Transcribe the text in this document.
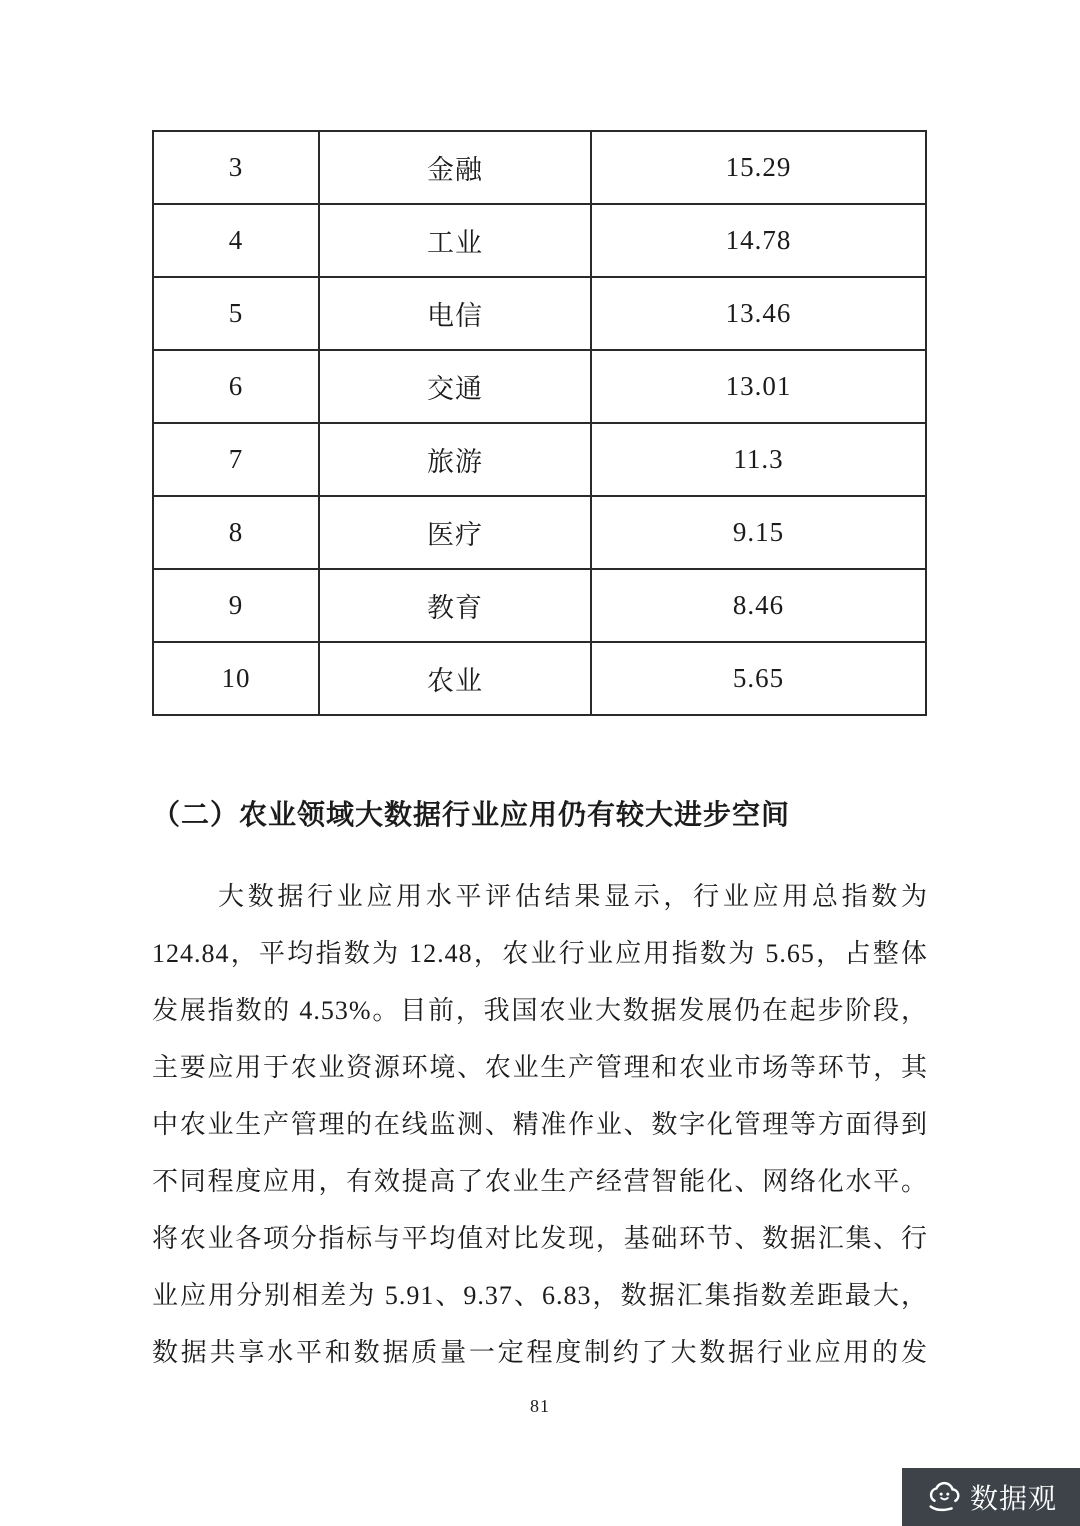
3	金融	15.29
4	工业	14.78
5	电信	13.46
6	交通	13.01
7	旅游	11.3
8	医疗	9.15
9	教育	8.46
10	农业	5.65
（二）农业领域大数据行业应用仍有较大进步空间
大数据行业应用水平评估结果显示，行业应用总指数为
124.84，平均指数为 12.48，农业行业应用指数为 5.65，占整体
发展指数的 4.53%。目前，我国农业大数据发展仍在起步阶段，
主要应用于农业资源环境、农业生产管理和农业市场等环节，其
中农业生产管理的在线监测、精准作业、数字化管理等方面得到
不同程度应用，有效提高了农业生产经营智能化、网络化水平。
将农业各项分指标与平均值对比发现，基础环节、数据汇集、行
业应用分别相差为 5.91、9.37、6.83，数据汇集指数差距最大，
数据共享水平和数据质量一定程度制约了大数据行业应用的发
81
数据观
